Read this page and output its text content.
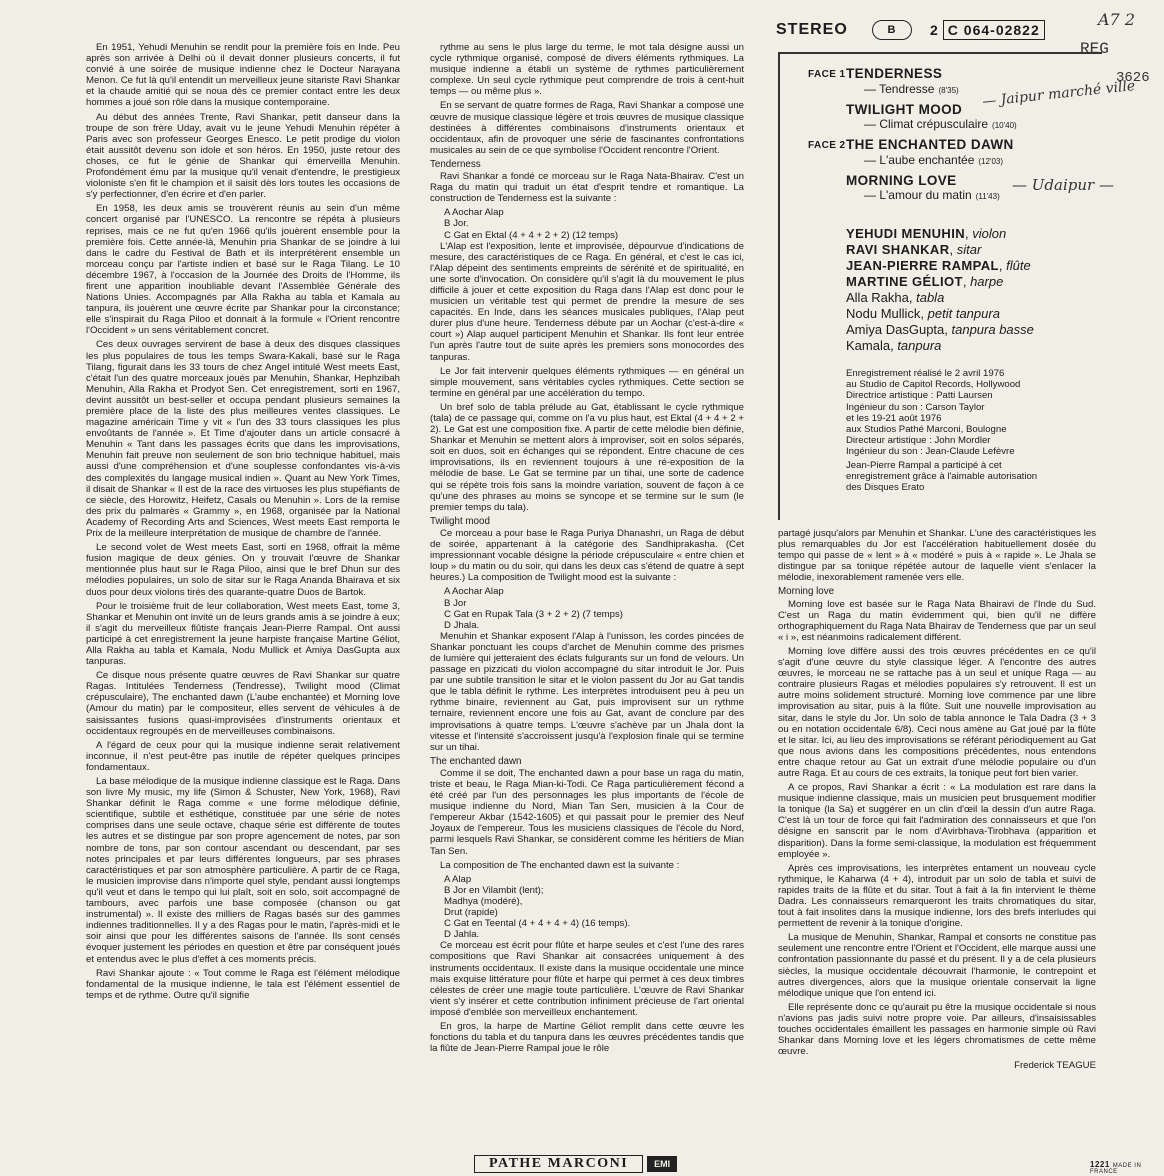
STEREO	B	2 C 064-02822
A7 2
REG
3626
FACE 1 TENDERNESS
— Tendresse (8'35)
TWILIGHT MOOD
— Climat crépusculaire (10'40)
FACE 2 THE ENCHANTED DAWN
— L'aube enchantée (12'03)
MORNING LOVE
— L'amour du matin (11'43)
YEHUDI MENUHIN, violon
RAVI SHANKAR, sitar
JEAN-PIERRE RAMPAL, flûte
MARTINE GÉLIOT, harpe
Alla Rakha, tabla
Nodu Mullick, petit tanpura
Amiya DasGupta, tanpura basse
Kamala, tanpura
Enregistrement réalisé le 2 avril 1976
au Studio de Capitol Records, Hollywood
Directrice artistique : Patti Laursen
Ingénieur du son : Carson Taylor
et les 19-21 août 1976
aux Studios Pathé Marconi, Boulogne
Directeur artistique : John Mordler
Ingénieur du son : Jean-Claude Lefèvre
Jean-Pierre Rampal a participé à cet
enregistrement grâce à l'aimable autorisation
des Disques Erato
— Jaipur marché ville
— Udaipur —

En 1951, Yehudi Menuhin se rendit pour la première fois en Inde. Peu après son arrivée à Delhi où il devait donner plusieurs concerts, il fut convié à une soirée de musique indienne chez le Docteur Narayana Menon. Ce fut là qu'il entendit un merveilleux jeune sitariste Ravi Shankar et la chaude amitié qui se noua dès ce premier contact entre les deux hommes a joué son rôle dans la musique contemporaine.

Au début des années Trente, Ravi Shankar, petit danseur dans la troupe de son frère Uday, avait vu le jeune Yehudi Menuhin répéter à Paris avec son professeur Georges Enesco. Le petit prodige du violon était aussitôt devenu son idole et son héros. En 1950, juste retour des choses, ce fut le génie de Shankar qui émerveilla Menuhin. Profondément ému par la musique qu'il venait d'entendre, le prestigieux violoniste s'en fit le champion et il saisit dès lors toutes les occasions de s'y perfectionner, d'en écrire et d'en parler.

En 1958, les deux amis se trouvèrent réunis au sein d'un même concert organisé par l'UNESCO. La rencontre se répéta à plusieurs reprises, mais ce ne fut qu'en 1966 qu'ils jouèrent ensemble pour la première fois. Cette année-là, Menuhin pria Shankar de se joindre à lui dans le cadre du Festival de Bath et ils interprétèrent ensemble un morceau conçu par l'artiste indien et basé sur le Raga Tilang. Le 10 décembre 1967, à l'occasion de la Journée des Droits de l'Homme, ils firent une apparition inoubliable devant l'Assemblée Générale des Nations Unies. Accompagnés par Alla Rakha au tabla et Kamala au tanpura, ils jouèrent une œuvre écrite par Shankar pour la circonstance; elle s'inspirait du Raga Piloo et donnait à la formule « l'Orient rencontre l'Occident » un sens véritablement concret.

Ces deux ouvrages servirent de base à deux des disques classiques les plus populaires de tous les temps Swara-Kakali, basé sur le Raga Tilang, figurait dans les 33 tours de chez Angel intitulé West meets East, c'était l'un des quatre morceaux joués par Menuhin, Shankar, Hephzibah Menuhin, Alla Rakha et Prodyot Sen. Cet enregistrement, sorti en 1967, devint aussitôt un best-seller et occupa pendant plusieurs semaines la première place de la liste des plus meilleures ventes classiques. Le magazine américain Time y vit « l'un des 33 tours classiques les plus envoûtants de l'année ». Et Time d'ajouter dans un article consacré à Menuhin « Tant dans les passages écrits que dans les improvisations, Menuhin fait preuve non seulement de son brio technique habituel, mais aussi d'une compréhension et d'une souplesse confondantes vis-à-vis des complexités du langage musical indien ». Quant au New York Times, il disait de Shankar « Il est de la race des virtuoses les plus stupéfiants de ce siècle, des Horowitz, Heifetz, Casals ou Menuhin ». Lors de la remise des prix du palmarès « Grammy », en 1968, organisée par la National Academy of Recording Arts and Sciences, West meets East remporta le Prix de la meilleure interprétation de musique de chambre de l'année.

Le second volet de West meets East, sorti en 1968, offrait la même fusion magique de deux génies. On y trouvait l'œuvre de Shankar mentionnée plus haut sur le Raga Piloo, ainsi que le bref Dhun sur des mélodies populaires, un solo de sitar sur le Raga Ananda Bhairava et six duos pour deux violons tirés des quarante-quatre Duos de Bartok.

Pour le troisième fruit de leur collaboration, West meets East, tome 3, Shankar et Menuhin ont invité un de leurs grands amis à se joindre à eux; il s'agit du merveilleux flûtiste français Jean-Pierre Rampal. Ont aussi participé à cet enregistrement la jeune harpiste française Martine Géliot, Alla Rakha au tabla et Kamala, Nodu Mullick et Amiya DasGupta aux tanpuras.

Ce disque nous présente quatre œuvres de Ravi Shankar sur quatre Ragas. Intitulées Tenderness (Tendresse), Twilight mood (Climat crépusculaire), The enchanted dawn (L'aube enchantée) et Morning love (Amour du matin) par le compositeur, elles servent de véhicules à de saisissantes fusions quasi-improvisées d'instruments orientaux et occidentaux regroupés en de merveilleuses combinaisons.

A l'égard de ceux pour qui la musique indienne serait relativement inconnue, il n'est peut-être pas inutile de répéter quelques principes fondamentaux.

La base mélodique de la musique indienne classique est le Raga. Dans son livre My music, my life (Simon & Schuster, New York, 1968), Ravi Shankar définit le Raga comme « une forme mélodique définie, scientifique, subtile et esthétique, constituée par une série de notes comprises dans une seule octave, chaque série est différente de toutes les autres et se distingue par son propre agencement de notes, par son nombre de tons, par son contour ascendant ou descendant, par ses notes principales et par leurs différentes longueurs, par ses phrases caractéristiques et par son atmosphère particulière. A partir de ce Raga, le musicien improvise dans n'importe quel style, pendant aussi longtemps qu'il veut et dans le tempo qui lui plaît, soit en solo, soit accompagné de tambours, avec parfois une base composée (chanson ou gat instrumental) ». Il existe des milliers de Ragas basés sur des gammes indiennes traditionnelles. Il y a des Ragas pour le matin, l'après-midi et le soir ainsi que pour les différentes saisons de l'année. Ils sont censés évoquer justement les périodes en question et être par conséquent joués et entendus avec le plus d'effet à ces moments précis.

Ravi Shankar ajoute : « Tout comme le Raga est l'élément mélodique fondamental de la musique indienne, le tala est l'élément essentiel de temps et de rythme. Outre qu'il signifie

rythme au sens le plus large du terme, le mot tala désigne aussi un cycle rythmique organisé, composé de divers éléments rythmiques. La musique indienne a établi un système de rythmes particulièrement complexe. Un seul cycle rythmique peut comprendre de trois à cent-huit temps — ou même plus ».

En se servant de quatre formes de Raga, Ravi Shankar a composé une œuvre de musique classique légère et trois œuvres de musique classique destinées à différentes combinaisons d'instruments orientaux et occidentaux, afin de provoquer une série de fascinantes confrontations musicales au sein de ce que symbolise l'Occident rencontre l'Orient.

Tenderness

Ravi Shankar a fondé ce morceau sur le Raga Nata-Bhairav. C'est un Raga du matin qui traduit un état d'esprit tendre et romantique. La construction de Tenderness est la suivante :

A Aochar Alap
B Jor.
C Gat en Ektal (4 + 4 + 2 + 2) (12 temps)

L'Alap est l'exposition, lente et improvisée, dépourvue d'indications de mesure, des caractéristiques de ce Raga. En général, et c'est le cas ici, l'Alap dépeint des sentiments empreints de sérénité et de spiritualité, en une sorte d'invocation. On considère qu'il s'agit là du mouvement le plus difficile à jouer et cette exposition du Raga dans l'Alap est donc pour le musicien un véritable test qui permet de prendre la mesure de ses capacités. En Inde, dans les séances musicales publiques, l'Alap peut durer plus d'une heure. Tenderness débute par un Aochar (c'est-à-dire « court ») Alap auquel participent Menuhin et Shankar. Ils font leur entrée l'un après l'autre tout de suite après les premiers sons monocordes des tanpuras.

Le Jor fait intervenir quelques éléments rythmiques — en général un simple mouvement, sans véritables cycles rythmiques. Cette section se termine en général par une accélération du tempo.

Un bref solo de tabla prélude au Gat, établissant le cycle rythmique (tala) de ce passage qui, comme on l'a vu plus haut, est Ektal (4 + 4 + 2 + 2). Le Gat est une composition fixe. A partir de cette mélodie bien définie, Shankar et Menuhin se mettent alors à improviser, soit en solos séparés, soit en duos, soit en échanges qui se répondent. Entre chacune de ces improvisations, ils en reviennent toujours à une ré-exposition de la mélodie de base. Le Gat se termine par un tihai, une sorte de cadence qui se répète trois fois sans la moindre variation, souvent de façon à ce qu'une des phrases au moins se syncope et se termine sur le sum (le premier temps du tala).

Twilight mood

Ce morceau a pour base le Raga Puriya Dhanashri, un Raga de début de soirée, appartenant à la catégorie des Sandhiprakasha. (Cet impressionnant vocable désigne la période crépusculaire « entre chien et loup » du matin ou du soir, qui dans les deux cas s'étend de quatre à sept heures.) La composition de Twilight mood est la suivante :

A Aochar Alap
B Jor
C Gat en Rupak Tala (3 + 2 + 2) (7 temps)
D Jhala.

Menuhin et Shankar exposent l'Alap à l'unisson, les cordes pincées de Shankar ponctuant les coups d'archet de Menuhin comme des prismes de lumière qui jetteraient des éclats fulgurants sur un fond de velours. Un passage en pizzicati du violon accompagné du sitar introduit le Jor. Puis par une subtile transition le sitar et le violon passent du Jor au Gat tandis que le tabla définit le rythme. Les interprètes introduisent peu à peu un rythme binaire, reviennent au Gat, puis improvisent sur un rythme ternaire, reviennent encore une fois au Gat, avant de conclure par des improvisations à quatre temps. L'œuvre s'achève par un Jhala dont la vitesse et l'intensité s'accroissent jusqu'à l'explosion finale qui se termine sur un tihai.

The enchanted dawn

Comme il se doit, The enchanted dawn a pour base un raga du matin, triste et beau, le Raga Mian-ki-Todi. Ce Raga particulièrement fécond a été créé par l'un des personnages les plus importants de l'école de musique indienne du Nord, Mian Tan Sen, musicien à la Cour de l'empereur Akbar (1542-1605) et qui passait pour le premier des Neuf Joyaux de l'empereur. Tous les musiciens classiques de l'école du Nord, parmi lesquels Ravi Shankar, se considèrent comme les héritiers de Mian Tan Sen.

La composition de The enchanted dawn est la suivante :

A Alap
B Jor en Vilambit (lent);
Madhya (modéré),
Drut (rapide)
C Gat en Teental (4 + 4 + 4 + 4) (16 temps).
D Jahla.

Ce morceau est écrit pour flûte et harpe seules et c'est l'une des rares compositions que Ravi Shankar ait consacrées uniquement à des instruments occidentaux. Il existe dans la musique occidentale une mince mais exquise littérature pour flûte et harpe qui permet à ces deux timbres célestes de créer une magie toute particulière. L'œuvre de Ravi Shankar vient s'y insérer et cette contribution infiniment précieuse de l'art oriental imposé d'emblée son merveilleux enchantement.

En gros, la harpe de Martine Géliot remplit dans cette œuvre les fonctions du tabla et du tanpura dans les œuvres précédentes tandis que la flûte de Jean-Pierre Rampal joue le rôle

partagé jusqu'alors par Menuhin et Shankar. L'une des caractéristiques les plus remarquables du Jor est l'accélération habituellement dosée du tempo qui passe de « lent » à « modéré » puis à « rapide ». Le Jhala se distingue par sa tonique répétée autour de laquelle vient s'enlacer la mélodie, inexorablement ramenée vers elle.

Morning love

Morning love est basée sur le Raga Nata Bhairavi de l'Inde du Sud. C'est un Raga du matin évidemment qui, bien qu'il ne diffère orthographiquement du Raga Nata Bhairav de Tenderness que par un seul « i », est néanmoins radicalement différent.

Morning love diffère aussi des trois œuvres précédentes en ce qu'il s'agit d'une œuvre du style classique léger. A l'encontre des autres œuvres, le morceau ne se rattache pas à un seul et unique Raga — au contraire plusieurs Ragas et mélodies populaires s'y retrouvent. Il est un autre moins solidement structuré. Morning love commence par une libre improvisation au sitar, puis à la flûte. Suit une nouvelle improvisation au sitar, dans le style du Jor. Un solo de tabla annonce le Tala Dadra (3 + 3 ou en notation occidentale 6/8). Ceci nous amène au Gat joué par la flûte et le sitar. Ici, au lieu des improvisations se référant périodiquement au Gat que nous avions dans les compositions précédentes, nous entendons entre chaque retour au Gat un extrait d'une mélodie populaire ou d'un autre Raga. Et au cours de ces extraits, la tonique peut fort bien varier.

A ce propos, Ravi Shankar a écrit : « La modulation est rare dans la musique indienne classique, mais un musicien peut brusquement modifier la tonique (la Sa) et suggérer en un clin d'œil la dessin d'un autre Raga. C'est là un tour de force qui fait l'admiration des connaisseurs et que l'on désigne en sanscrit par le nom d'Avirbhava-Tirobhava (apparition et disparition). Dans la forme semi-classique, la modulation est fréquemment employée ».

Après ces improvisations, les interprètes entament un nouveau cycle rythmique, le Kaharwa (4 + 4), introduit par un solo de tabla et suivi de rapides traits de la flûte et du sitar. Tout à fait à la fin intervient le thème Dadra. Les connaisseurs remarqueront les traits chromatiques du sitar, tout à fait insolites dans la musique indienne, lors des brefs interludes qui permettent de revenir à la tonique d'origine.

La musique de Menuhin, Shankar, Rampal et consorts ne constitue pas seulement une rencontre entre l'Orient et l'Occident, elle marque aussi une confrontation passionnante du passé et du présent. Il y a de cela plusieurs siècles, la musique occidentale découvrait l'harmonie, le contrepoint et autres divergences, alors que la musique orientale conservait la ligne mélodique unique que l'on entend ici.

Elle représente donc ce qu'aurait pu être la musique occidentale si nous n'avions pas jadis suivi notre propre voie. Par ailleurs, d'insaisissables touches occidentales émaillent les passages en harmonie simple où Ravi Shankar dans Morning love et les légers chromatismes de cette même œuvre.

Frederick TEAGUE
PATHE MARCONI	EMI	1221 MADE IN FRANCE
